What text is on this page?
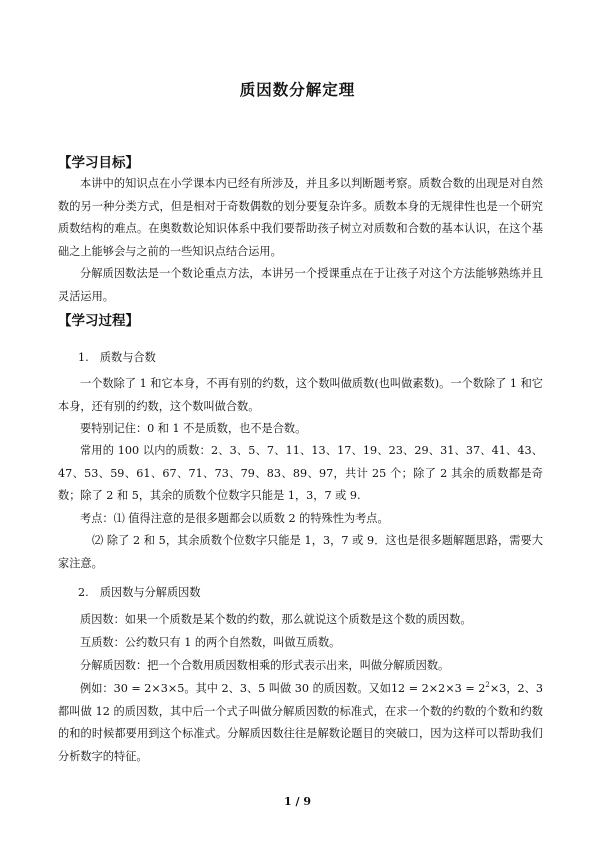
质因数分解定理
【学习目标】
本讲中的知识点在小学课本内已经有所涉及，并且多以判断题考察。质数合数的出现是对自然数的另一种分类方式，但是相对于奇数偶数的划分要复杂许多。质数本身的无规律性也是一个研究质数结构的难点。在奥数数论知识体系中我们要帮助孩子树立对质数和合数的基本认识，在这个基础之上能够会与之前的一些知识点结合运用。
分解质因数法是一个数论重点方法，本讲另一个授课重点在于让孩子对这个方法能够熟练并且灵活运用。
【学习过程】
1.　质数与合数
一个数除了 1 和它本身，不再有别的约数，这个数叫做质数(也叫做素数)。一个数除了 1 和它本身，还有别的约数，这个数叫做合数。
要特别记住：0 和 1 不是质数，也不是合数。
常用的 100 以内的质数：2、3、5、7、11、13、17、19、23、29、31、37、41、43、47、53、59、61、67、71、73、79、83、89、97，共计 25 个；除了 2 其余的质数都是奇数；除了 2 和 5，其余的质数个位数字只能是 1，3，7 或 9.
考点：⑴ 值得注意的是很多题都会以质数 2 的特殊性为考点。
⑵ 除了 2 和 5，其余质数个位数字只能是 1，3，7 或 9．这也是很多题解题思路，需要大家注意。
2.　质因数与分解质因数
质因数：如果一个质数是某个数的约数，那么就说这个质数是这个数的质因数。
互质数：公约数只有 1 的两个自然数，叫做互质数。
分解质因数：把一个合数用质因数相乘的形式表示出来，叫做分解质因数。
例如：30 = 2×3×5。其中 2、3、5 叫做 30 的质因数。又如$12 = 2\times 2\times 3 = 2^2\times 3$，2、3 都叫做 12 的质因数，其中后一个式子叫做分解质因数的标准式，在求一个数的约数的个数和约数的和的时候都要用到这个标准式。分解质因数往往是解数论题目的突破口，因为这样可以帮助我们分析数字的特征。
1 / 9
